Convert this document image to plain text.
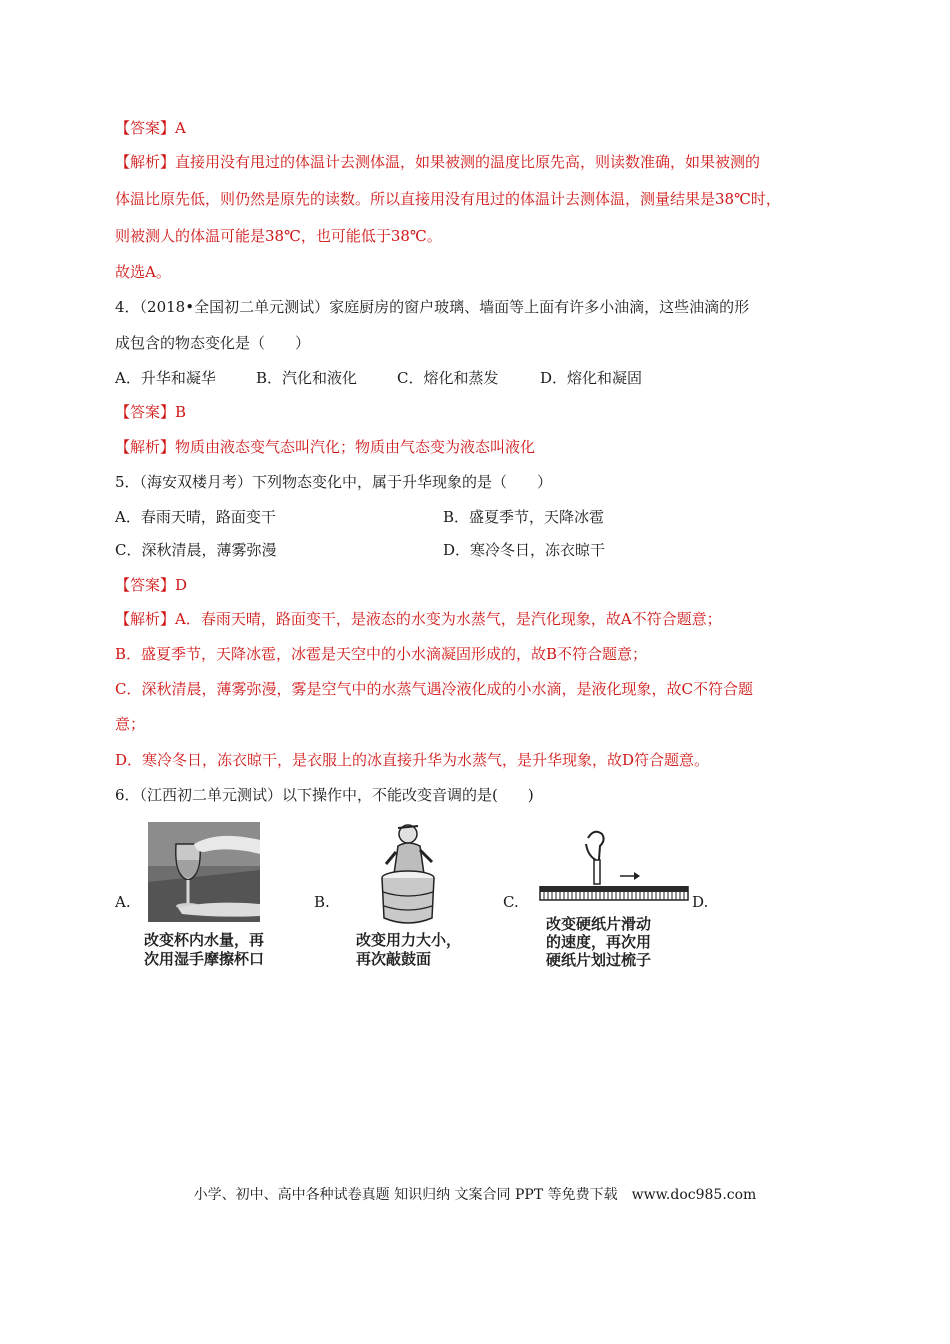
【答案】A
【解析】直接用没有甩过的体温计去测体温，如果被测的温度比原先高，则读数准确，如果被测的
体温比原先低，则仍然是原先的读数。所以直接用没有甩过的体温计去测体温，测量结果是38℃时，
则被测人的体温可能是38℃，也可能低于38℃。
故选A。
4．（2018•全国初二单元测试）家庭厨房的窗户玻璃、墙面等上面有许多小油滴，这些油滴的形
成包含的物态变化是（　　）
A．升华和凝华	B．汽化和液化	C．熔化和蒸发	D．熔化和凝固
【答案】B
【解析】物质由液态变气态叫汽化；物质由气态变为液态叫液化
5．（海安双楼月考）下列物态变化中，属于升华现象的是（　　）
A．春雨天晴，路面变干	B．盛夏季节，天降冰雹
C．深秋清晨，薄雾弥漫	D．寒冷冬日，冻衣晾干
【答案】D
【解析】A．春雨天晴，路面变干，是液态的水变为水蒸气，是汽化现象，故A不符合题意；
B．盛夏季节，天降冰雹，冰雹是天空中的小水滴凝固形成的，故B不符合题意；
C．深秋清晨，薄雾弥漫，雾是空气中的水蒸气遇冷液化成的小水滴，是液化现象，故C不符合题
意；
D．寒冷冬日，冻衣晾干，是衣服上的冰直接升华为水蒸气，是升华现象，故D符合题意。
6．（江西初二单元测试）以下操作中，不能改变音调的是(　　)
A.
改变杯内水量，再
次用湿手摩擦杯口
B.
改变用力大小，
再次敲鼓面
C.
改变硬纸片滑动
的速度，再次用
硬纸片划过梳子
D.
小学、初中、高中各种试卷真题 知识归纳 文案合同 PPT 等免费下载　www.doc985.com
